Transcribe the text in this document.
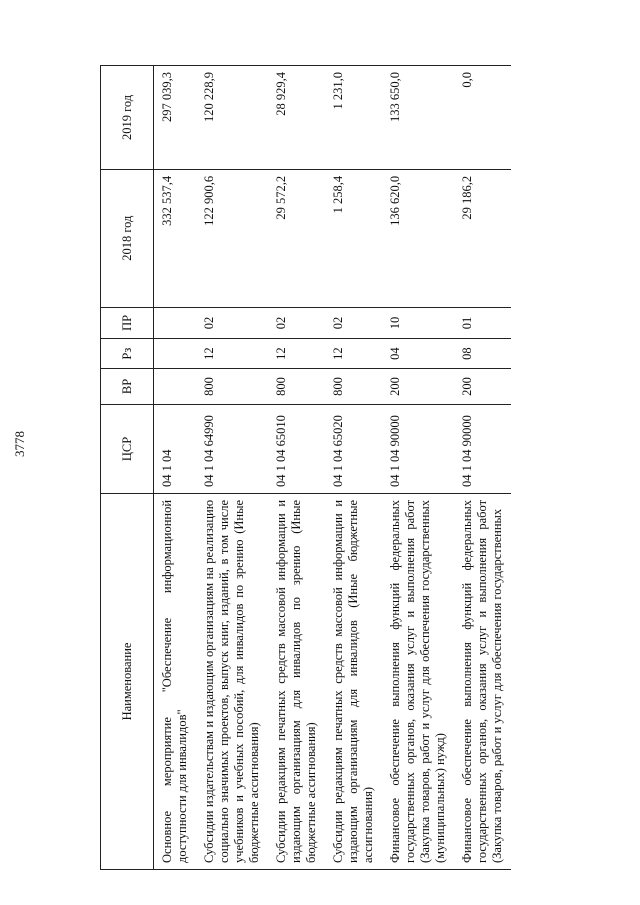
3778
Наименование	ЦСР	ВР	Рз	ПР	2018 год	2019 год
Основное мероприятие "Обеспечение информационной доступности для инвалидов"	04 1 04				332 537,4	297 039,3
Субсидии издательствам и издающим организациям на реализацию социально значимых проектов, выпуск книг, изданий, в том числе учебников и учебных пособий, для инвалидов по зрению (Иные бюджетные ассигнования)	04 1 04 64990	800	12	02	122 900,6	120 228,9
Субсидии редакциям печатных средств массовой информации и издающим организациям для инвалидов по зрению (Иные бюджетные ассигнования)	04 1 04 65010	800	12	02	29 572,2	28 929,4
Субсидии редакциям печатных средств массовой информации и издающим организациям для инвалидов (Иные бюджетные ассигнования)	04 1 04 65020	800	12	02	1 258,4	1 231,0
Финансовое обеспечение выполнения функций федеральных государственных органов, оказания услуг и выполнения работ (Закупка товаров, работ и услуг для обеспечения государственных (муниципальных) нужд)	04 1 04 90000	200	04	10	136 620,0	133 650,0
Финансовое обеспечение выполнения функций федеральных государственных органов, оказания услуг и выполнения работ (Закупка товаров, работ и услуг для обеспечения государственных	04 1 04 90000	200	08	01	29 186,2	0,0
